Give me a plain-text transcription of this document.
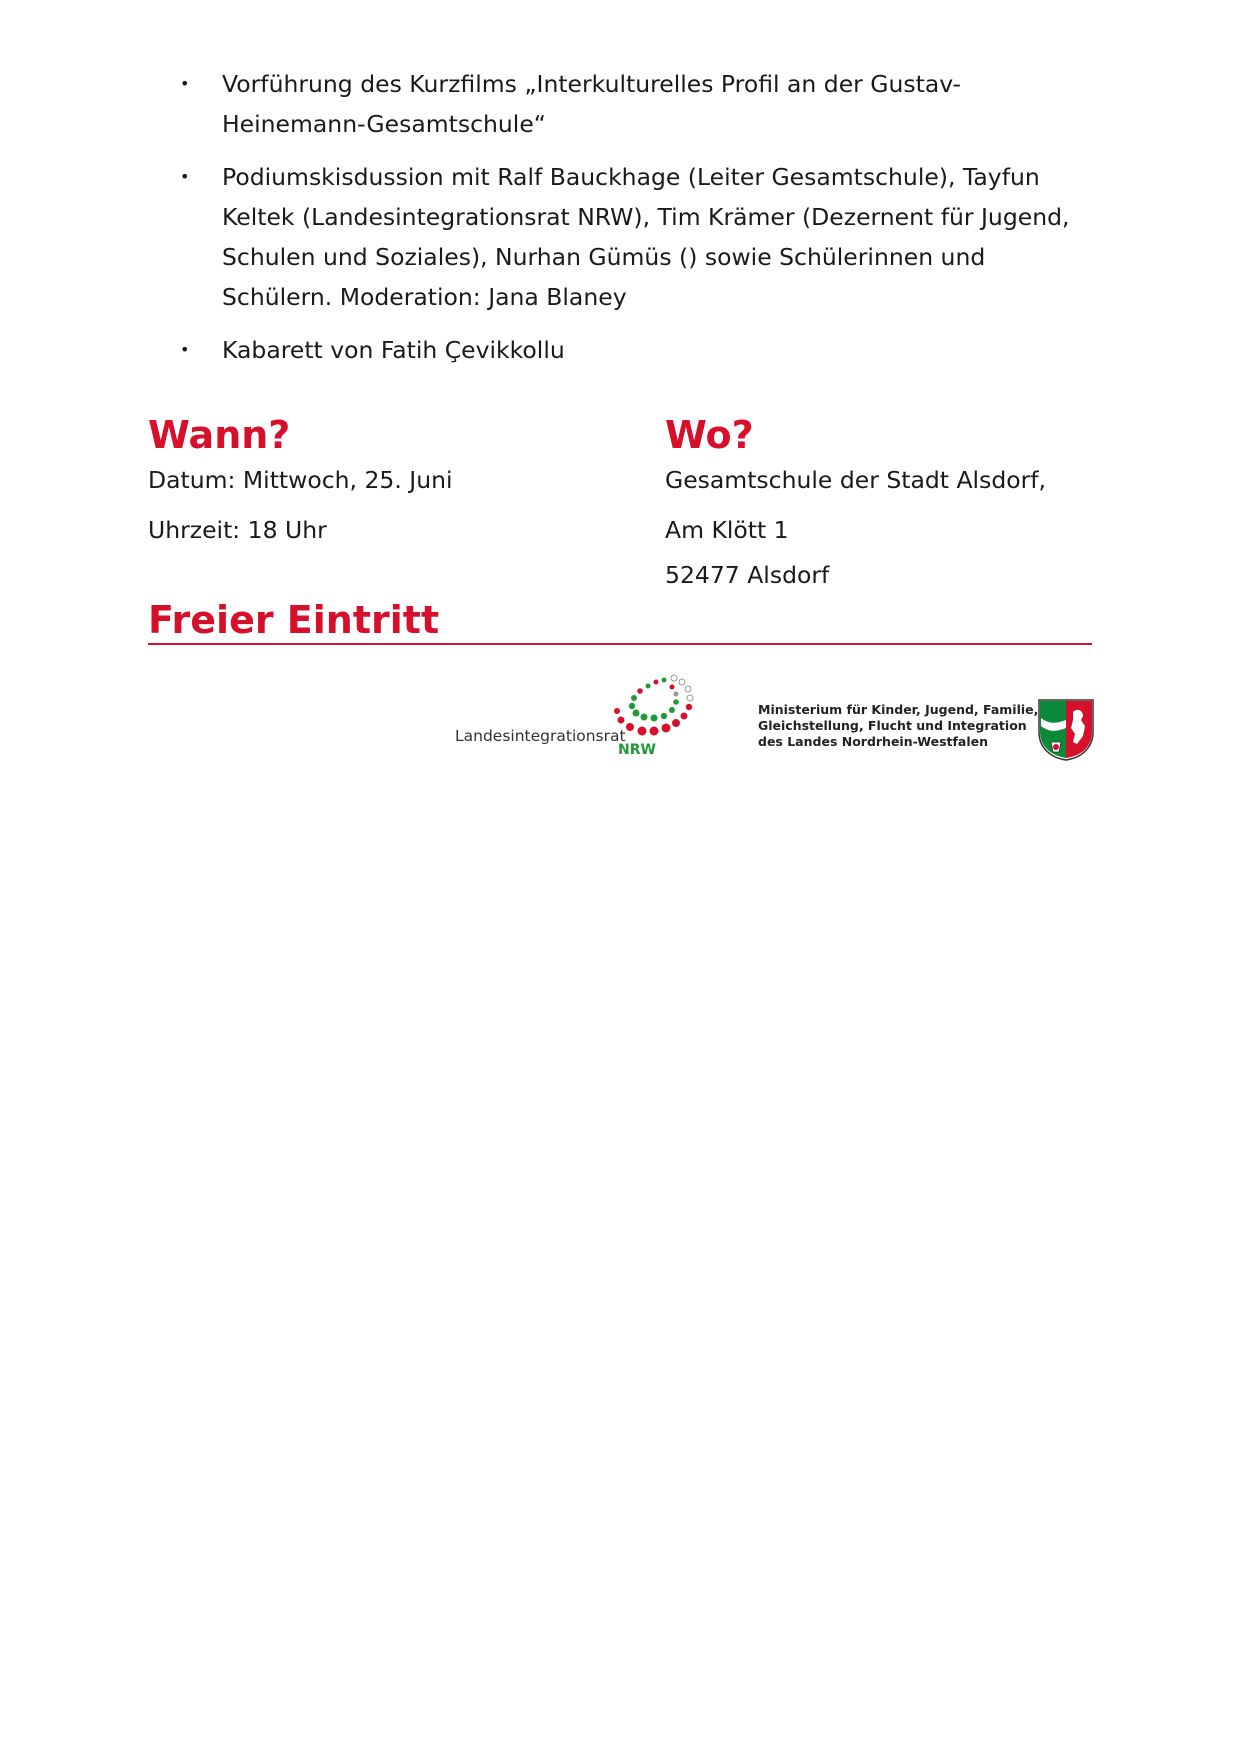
• Vorführung des Kurzfilms „Interkulturelles Profil an der Gustav-Heinemann-Gesamtschule“
• Podiumskisdussion mit Ralf Bauckhage (Leiter Gesamtschule), Tayfun Keltek (Landesintegrationsrat NRW), Tim Krämer (Dezernent für Jugend, Schulen und Soziales), Nurhan Gümüs () sowie Schülerinnen und Schülern. Moderation: Jana Blaney
• Kabarett von Fatih Çevikkollu
Wann?

Datum: Mittwoch, 25. Juni

Uhrzeit: 18 Uhr

Wo?

Gesamtschule der Stadt Alsdorf,

Am Klött 1

52477 Alsdorf

Freier Eintritt
Landesintegrationsrat
NRW
Ministerium für Kinder, Jugend, Familie,
Gleichstellung, Flucht und Integration
des Landes Nordrhein-Westfalen
